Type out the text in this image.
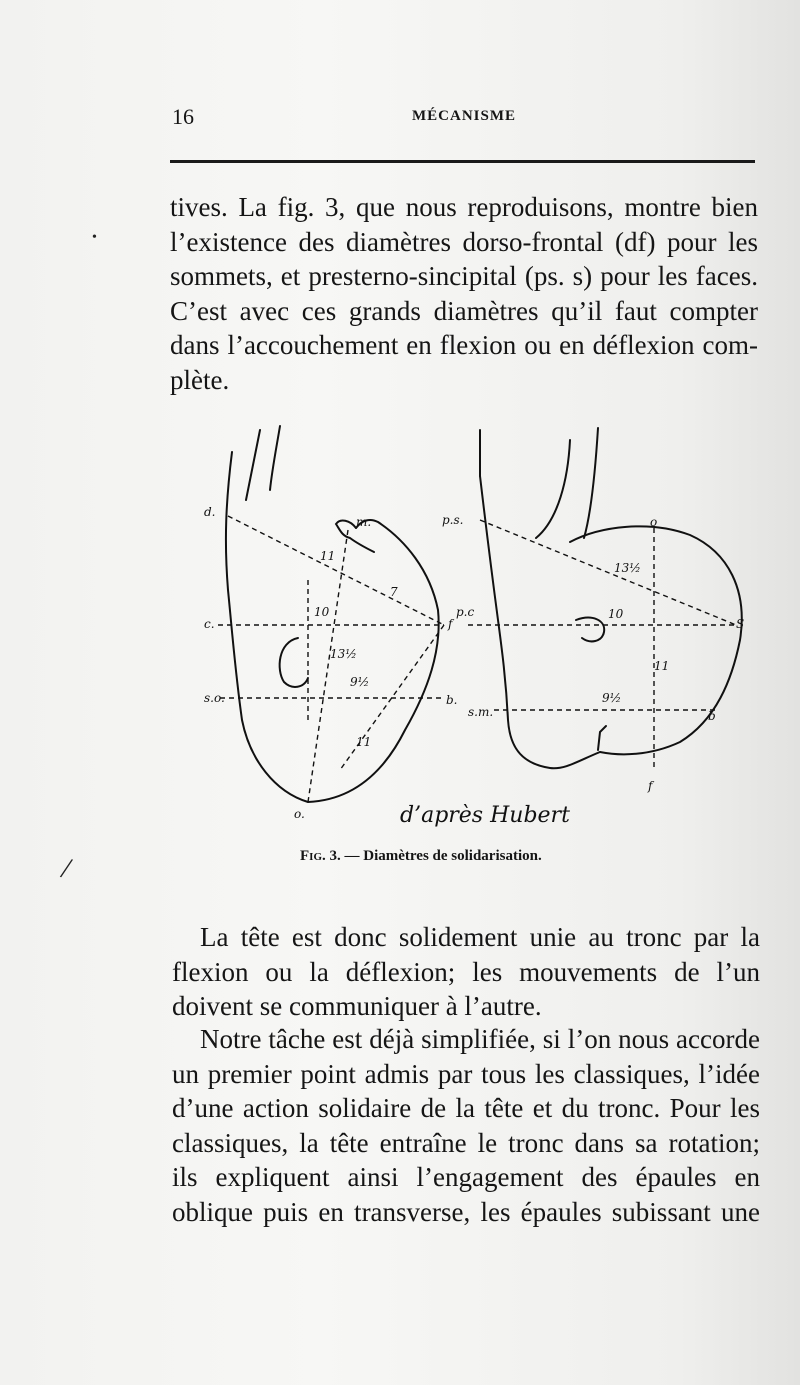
16	MÉCANISME
•
/
tives. La fig. 3, que nous reproduisons, montre bien
l’existence des diamètres dorso-frontal (df) pour les
sommets, et presterno-sincipital (ps. s) pour les faces.
C’est avec ces grands diamètres qu’il faut compter
dans l’accouchement en flexion ou en déflexion com-
plète.
d.
m.
11
7
10
c.	f
13½
9½
s.o.	b.
11
o.
p.s.	o
13½
p.c	10
S
11
9½
s.m.	b
f
d’après Hubert
Fig. 3. — Diamètres de solidarisation.
La tête est donc solidement unie au tronc par la
flexion ou la déflexion; les mouvements de l’un
doivent se communiquer à l’autre.
Notre tâche est déjà simplifiée, si l’on nous accorde
un premier point admis par tous les classiques, l’idée
d’une action solidaire de la tête et du tronc. Pour les
classiques, la tête entraîne le tronc dans sa rotation;
ils expliquent ainsi l’engagement des épaules en
oblique puis en transverse, les épaules subissant une
